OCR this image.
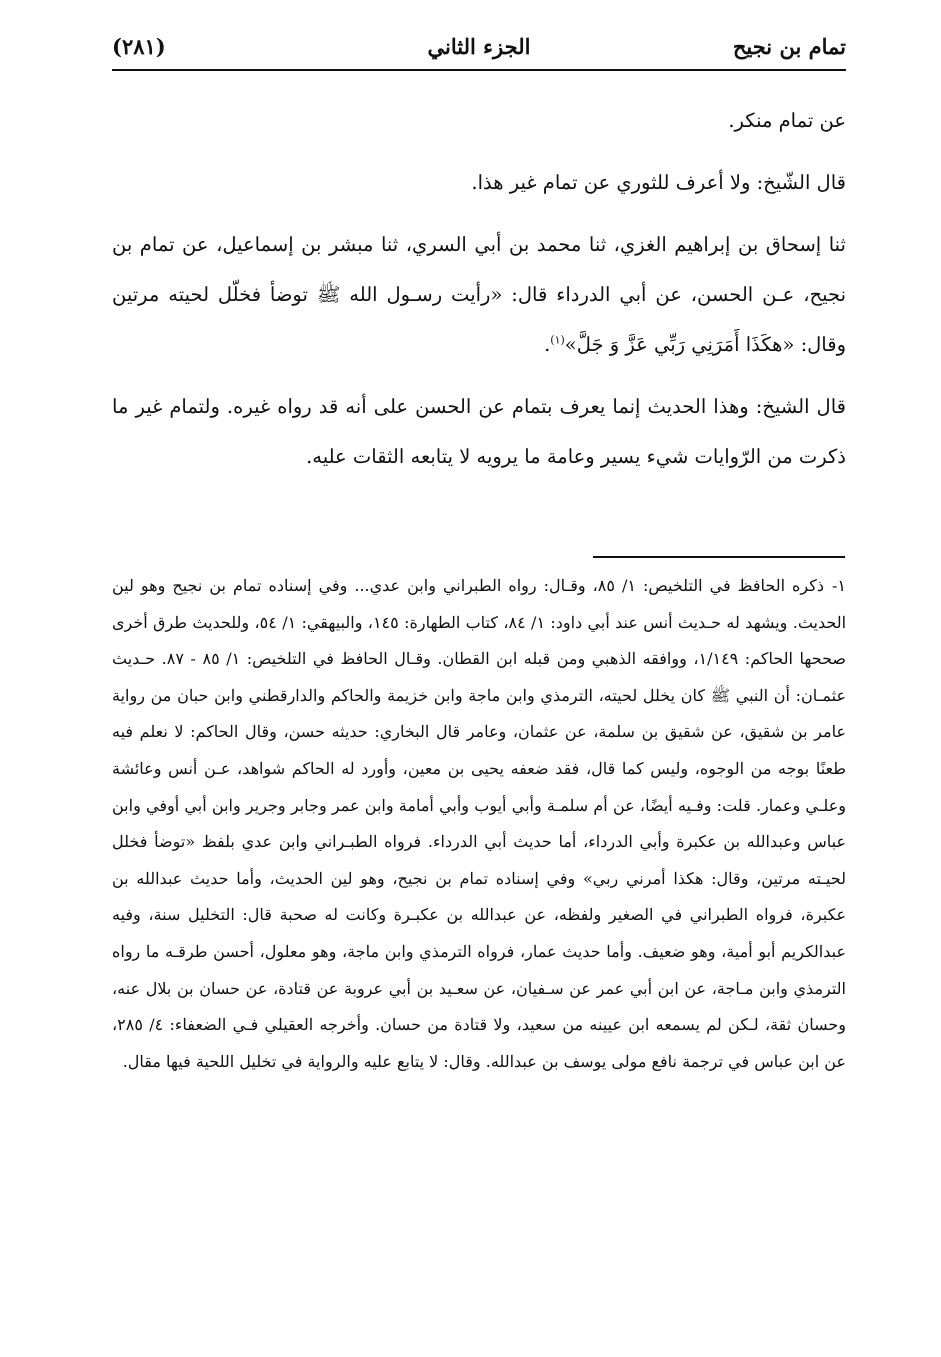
تمام بن نجيح
الجزء الثاني
(٢٨١)

عن تمام منكر.

قال الشّيخ: ولا أعرف للثوري عن تمام غير هذا.

ثنا إسحاق بن إبراهيم الغزي، ثنا محمد بن أبي السري، ثنا مبشر بن إسماعيل، عن تمام بن نجيح، عـن الحسن، عن أبي الدرداء قال: «رأيت رسـول الله ﷺ توضأ فخلّل لحيته مرتين وقال: «هكَذَا أَمَرَنِي رَبِّي عَزَّ وَ جَلَّ»$^{(١)}$.

قال الشيخ: وهذا الحديث إنما يعرف بتمام عن الحسن على أنه قد رواه غيره. ولتمام غير ما ذكرت من الرّوايات شيء يسير وعامة ما يرويه لا يتابعه الثقات عليه.

١-ذكره الحافظ في التلخيص: ١/ ٨٥، وقـال: رواه الطبراني وابن عدي... وفي إسناده تمام بن نجيح وهو لين الحديث. ويشهد له حـديث أنس عند أبي داود: ١/ ٨٤، كتاب الطهارة: ١٤٥، والبيهقي: ١/ ٥٤، وللحديث طرق أخرى صححها الحاكم: ١/١٤٩، ووافقه الذهبي ومن قبله ابن القطان. وقـال الحافظ في التلخيص: ١/ ٨٥ - ٨٧. حـديث عثمـان: أن النبي ﷺ كان يخلل لحيته، الترمذي وابن ماجة وابن خزيمة والحاكم والدارقطني وابن حبان من رواية عامر بن شقيق، عن شقيق بن سلمة، عن عثمان، وعامر قال البخاري: حديثه حسن، وقال الحاكم: لا نعلم فيه طعنًا بوجه من الوجوه، وليس كما قال، فقد ضعفه يحيى بن معين، وأورد له الحاكم شواهد، عـن أنس وعائشة وعلـي وعمار. قلت: وفـيه أيضًا، عن أم سلمـة وأبي أيوب وأبي أمامة وابن عمر وجابر وجرير وابن أبي أوفي وابن عباس وعبدالله بن عكبرة وأبي الدرداء، أما حديث أبي الدرداء. فرواه الطبـراني وابن عدي بلفظ «توضأ فخلل لحيـته مرتين، وقال: هكذا أمرني ربي» وفي إسناده تمام بن نجيح، وهو لين الحديث، وأما حديث عبدالله بن عكبرة، فرواه الطبراني في الصغير ولفظه، عن عبدالله بن عكبـرة وكانت له صحبة قال: التخليل سنة، وفيه عبدالكريم أبو أمية، وهو ضعيف. وأما حديث عمار، فرواه الترمذي وابن ماجة، وهو معلول، أحسن طرقـه ما رواه الترمذي وابن مـاجة، عن ابن أبي عمر عن سـفيان، عن سعـيد بن أبي عروبة عن قتادة، عن حسان بن بلال عنه، وحسان ثقة، لـكن لم يسمعه ابن عيينه من سعيد، ولا قتادة من حسان. وأخرجه العقيلي فـي الضعفاء: ٤/ ٢٨٥، عن ابن عباس في ترجمة نافع مولى يوسف بن عبدالله. وقال: لا يتابع عليه والرواية في تخليل اللحية فيها مقال.
